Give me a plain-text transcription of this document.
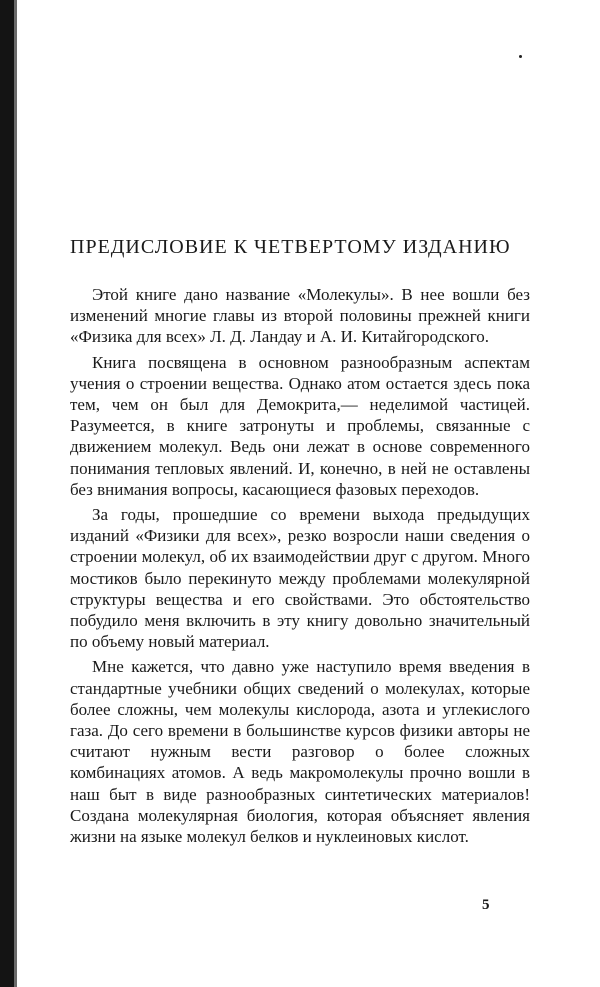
ПРЕДИСЛОВИЕ К ЧЕТВЕРТОМУ ИЗДАНИЮ

Этой книге дано название «Молекулы». В нее вошли без изменений многие главы из второй половины прежней книги «Физика для всех» Л. Д. Ландау и А. И. Китайгородского.

Книга посвящена в основном разнообразным аспектам учения о строении вещества. Однако атом остается здесь пока тем, чем он был для Демокрита,— неделимой частицей. Разумеется, в книге затронуты и проблемы, связанные с движением молекул. Ведь они лежат в основе современного понимания тепловых явлений. И, конечно, в ней не оставлены без внимания вопросы, касающиеся фазовых переходов.

За годы, прошедшие со времени выхода предыдущих изданий «Физики для всех», резко возросли наши сведения о строении молекул, об их взаимодействии друг с другом. Много мостиков было перекинуто между проблемами молекулярной структуры вещества и его свойствами. Это обстоятельство побудило меня включить в эту книгу довольно значительный по объему новый материал.

Мне кажется, что давно уже наступило время введения в стандартные учебники общих сведений о молекулах, которые более сложны, чем молекулы кислорода, азота и углекислого газа. До сего времени в большинстве курсов физики авторы не считают нужным вести разговор о более сложных комбинациях атомов. А ведь макромолекулы прочно вошли в наш быт в виде разнообразных синтетических материалов! Создана молекулярная биология, которая объясняет явления жизни на языке молекул белков и нуклеиновых кислот.

5
